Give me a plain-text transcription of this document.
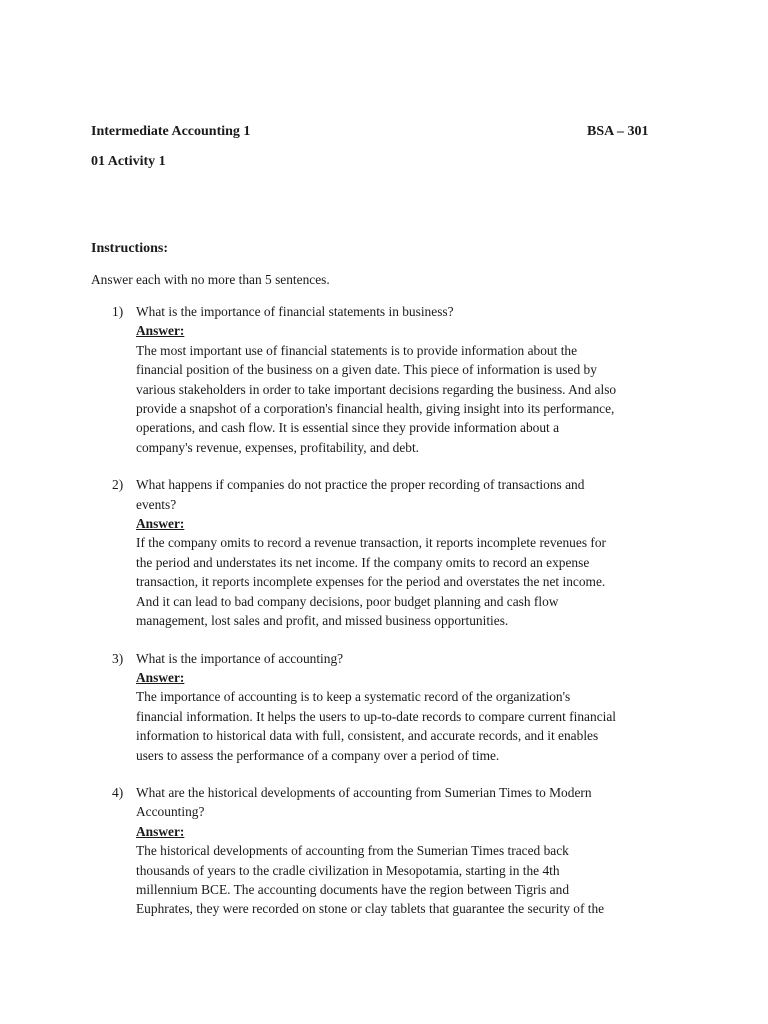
Intermediate Accounting 1	BSA – 301
01 Activity 1
Instructions:
Answer each with no more than 5 sentences.
1) What is the importance of financial statements in business?
Answer:
The most important use of financial statements is to provide information about the
financial position of the business on a given date. This piece of information is used by
various stakeholders in order to take important decisions regarding the business. And also
provide a snapshot of a corporation's financial health, giving insight into its performance,
operations, and cash flow. It is essential since they provide information about a
company's revenue, expenses, profitability, and debt.
2) What happens if companies do not practice the proper recording of transactions and
events?
Answer:
If the company omits to record a revenue transaction, it reports incomplete revenues for
the period and understates its net income. If the company omits to record an expense
transaction, it reports incomplete expenses for the period and overstates the net income.
And it can lead to bad company decisions, poor budget planning and cash flow
management, lost sales and profit, and missed business opportunities.
3) What is the importance of accounting?
Answer:
The importance of accounting is to keep a systematic record of the organization's
financial information. It helps the users to up-to-date records to compare current financial
information to historical data with full, consistent, and accurate records, and it enables
users to assess the performance of a company over a period of time.
4) What are the historical developments of accounting from Sumerian Times to Modern
Accounting?
Answer:
The historical developments of accounting from the Sumerian Times traced back
thousands of years to the cradle civilization in Mesopotamia, starting in the 4th
millennium BCE. The accounting documents have the region between Tigris and
Euphrates, they were recorded on stone or clay tablets that guarantee the security of the
